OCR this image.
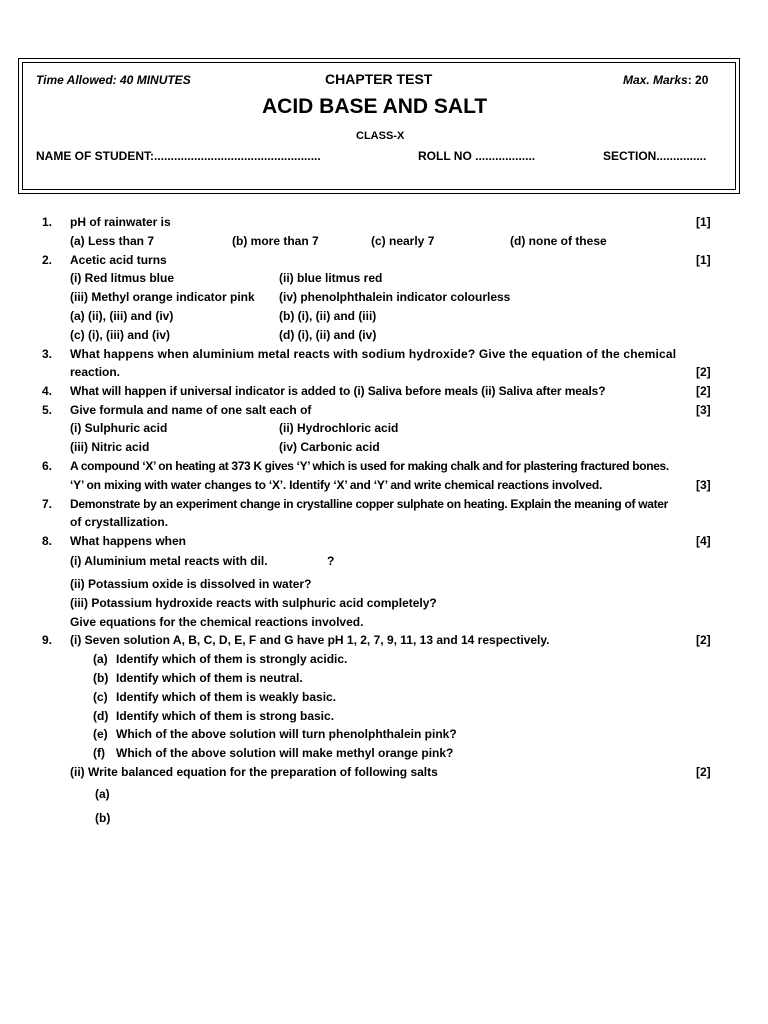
Time Allowed: 40 MINUTES	CHAPTER TEST	Max. Marks: 20
ACID BASE AND SALT
CLASS-X
NAME OF STUDENT:..................................................	ROLL NO ..................	SECTION...............
1. pH of rainwater is	[1]
(a) Less than 7	(b) more than 7	(c) nearly 7	(d) none of these
2. Acetic acid turns	[1]
(i) Red litmus blue	(ii) blue litmus red
(iii) Methyl orange indicator pink (iv) phenolphthalein indicator colourless
(a) (ii), (iii) and (iv)	(b) (i), (ii) and (iii)
(c) (i), (iii) and (iv)	(d) (i), (ii) and (iv)
3. What happens when aluminium metal reacts with sodium hydroxide? Give the equation of the chemical
reaction.	[2]
4. What will happen if universal indicator is added to (i) Saliva before meals (ii) Saliva after meals?	[2]
5. Give formula and name of one salt each of	[3]
(i) Sulphuric acid	(ii) Hydrochloric acid
(iii) Nitric acid	(iv) Carbonic acid
6. A compound ‘X’ on heating at 373 K gives ‘Y’ which is used for making chalk and for plastering fractured bones.
‘Y’ on mixing with water changes to ‘X’. Identify ‘X’ and ‘Y’ and write chemical reactions involved.	[3]
7. Demonstrate by an experiment change in crystalline copper sulphate on heating. Explain the meaning of water
of crystallization.
8. What happens when	[4]
(i) Aluminium metal reacts with dil.	?
(ii) Potassium oxide is dissolved in water?
(iii) Potassium hydroxide reacts with sulphuric acid completely?
Give equations for the chemical reactions involved.
9. (i) Seven solution A, B, C, D, E, F and G have pH 1, 2, 7, 9, 11, 13 and 14 respectively.	[2]
(a) Identify which of them is strongly acidic.
(b) Identify which of them is neutral.
(c) Identify which of them is weakly basic.
(d) Identify which of them is strong basic.
(e) Which of the above solution will turn phenolphthalein pink?
(f) Which of the above solution will make methyl orange pink?
(ii) Write balanced equation for the preparation of following salts	[2]
(a)
(b)
